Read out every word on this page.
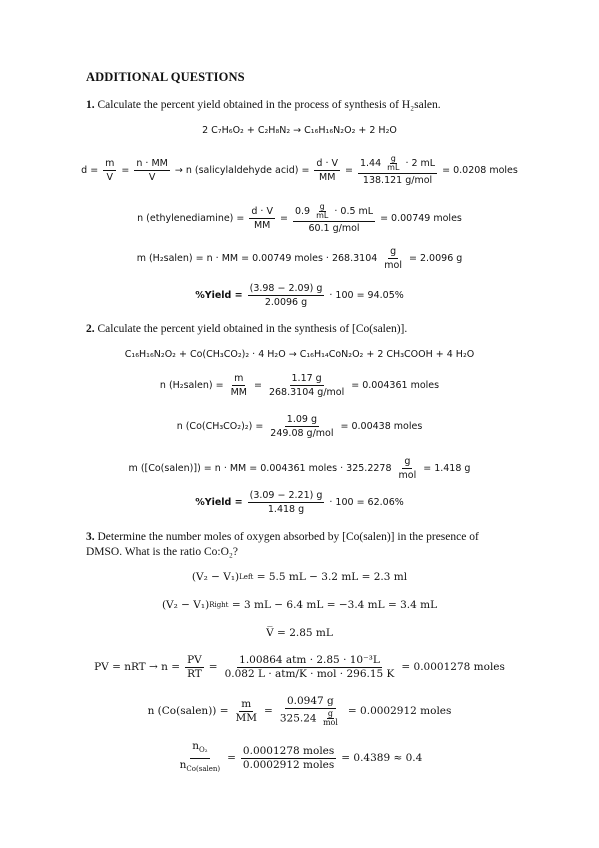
ADDITIONAL QUESTIONS
1. Calculate the percent yield obtained in the process of synthesis of H₂salen.
2 C₇H₆O₂ + C₂H₈N₂ → C₁₆H₁₆N₂O₂ + 2 H₂O
$d = \frac{m}{V} = \frac{n \cdot MM}{V} \to n$ (salicylaldehyde acid) = $\frac{d \cdot V}{MM} = \frac{1.44 \frac{g}{mL} \cdot 2 mL}{\text{138.121 g/mol}} = 0.0208$ moles
n (ethylenediamine) = $\frac{d \cdot V}{MM} = \frac{0.9 \frac{g}{mL} \cdot 0.5 mL}{\text{60.1 g/mol}} = 0.00749$ moles
m (H₂salen) = n · MM = 0.00749 moles · $268.3104 \frac{g}{\text{mol}} = 2.0096$ g
%Yield = $\frac{(3.98 - 2.09) g}{2.0096 g} \cdot 100 = 94.05\%$
2. Calculate the percent yield obtained in the synthesis of [Co(salen)].
C₁₆H₁₆N₂O₂ + Co(CH₃CO₂)₂ · 4 H₂O → C₁₆H₁₄CoN₂O₂ + 2 CH₃COOH + 4 H₂O
n (H₂salen) = $\frac{m}{MM} = \frac{1.17 g}{\text{268.3104 g/mol}} = 0.004361$ moles
n $(Co(CH_3CO_2)_2) = \frac{1.09 g}{\text{249.08 g/mol}} = 0.00438$ moles
m ([Co(salen)]) = n · MM = 0.004361 moles · $325.2278 \frac{g}{\text{mol}} = 1.418$ g
%Yield = $\frac{(3.09 - 2.21) g}{1.418 g} \cdot 100 = 62.06\%$
3. Determine the number moles of oxygen absorbed by [Co(salen)] in the presence of DMSO. What is the ratio Co:O₂?
(V₂ − V₁) Left
= 5.5 mL − 3.2 mL = 2.3 ml
(V₂ − V₁) Right
= 3 mL − 6.4 mL = −3.4 mL = 3.4 mL
V̅ = 2.85 mL
PV = nRT → $n = \frac{PV}{RT} = \frac{\text{1.00864 atm · 2.85 · 10⁻³L}}{\text{0.082 L · atm/K · mol · 296.15 K}} = 0.0001278$ moles
n (Co(salen)) = $\frac{m}{MM} = 0.0947$ g
325.24 g
mol = 0.0002912 moles
$\frac{n_{O_2}}{n_{Co(salen)}} = \frac{\text{0.0001278 moles}}{\text{0.0002912 moles}} = 0.4389 \approx 0.4$
